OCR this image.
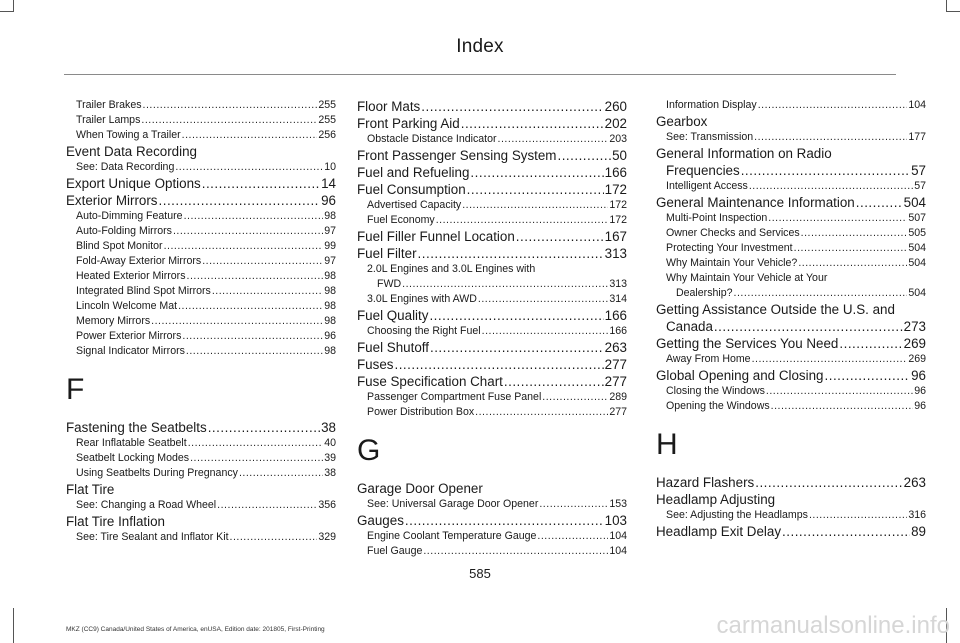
Index
Trailer Brakes .....	255
Trailer Lamps .....	255
When Towing a Trailer .....	256
Event Data Recording
See: Data Recording .....	10
Export Unique Options .....	14
Exterior Mirrors .....	96
Auto-Dimming Feature .....	98
Auto-Folding Mirrors .....	97
Blind Spot Monitor .....	99
Fold-Away Exterior Mirrors .....	97
Heated Exterior Mirrors .....	98
Integrated Blind Spot Mirrors .....	98
Lincoln Welcome Mat .....	98
Memory Mirrors .....	98
Power Exterior Mirrors .....	96
Signal Indicator Mirrors .....	98
F
Fastening the Seatbelts .....	38
Rear Inflatable Seatbelt .....	40
Seatbelt Locking Modes .....	39
Using Seatbelts During Pregnancy .....	38
Flat Tire
See: Changing a Road Wheel .....	356
Flat Tire Inflation
See: Tire Sealant and Inflator Kit .....	329
Floor Mats .....	260
Front Parking Aid .....	202
Obstacle Distance Indicator .....	203
Front Passenger Sensing System .....	50
Fuel and Refueling .....	166
Fuel Consumption .....	172
Advertised Capacity .....	172
Fuel Economy .....	172
Fuel Filler Funnel Location .....	167
Fuel Filter .....	313
2.0L Engines and 3.0L Engines with
FWD .....	313
3.0L Engines with AWD .....	314
Fuel Quality .....	166
Choosing the Right Fuel .....	166
Fuel Shutoff .....	263
Fuses .....	277
Fuse Specification Chart .....	277
Passenger Compartment Fuse Panel .....	289
Power Distribution Box .....	277
G
Garage Door Opener
See: Universal Garage Door Opener .....	153
Gauges .....	103
Engine Coolant Temperature Gauge .....	104
Fuel Gauge .....	104
Information Display .....	104
Gearbox
See: Transmission .....	177
General Information on Radio
Frequencies .....	57
Intelligent Access .....	57
General Maintenance Information .....	504
Multi-Point Inspection .....	507
Owner Checks and Services .....	505
Protecting Your Investment .....	504
Why Maintain Your Vehicle? .....	504
Why Maintain Your Vehicle at Your
Dealership? .....	504
Getting Assistance Outside the U.S. and
Canada .....	273
Getting the Services You Need .....	269
Away From Home .....	269
Global Opening and Closing .....	96
Closing the Windows .....	96
Opening the Windows .....	96
H
Hazard Flashers .....	263
Headlamp Adjusting
See: Adjusting the Headlamps .....	316
Headlamp Exit Delay .....	89
585
MKZ (CC9) Canada/United States of America, enUSA, Edition date: 201805, First-Printing	carmanualsonline.info
